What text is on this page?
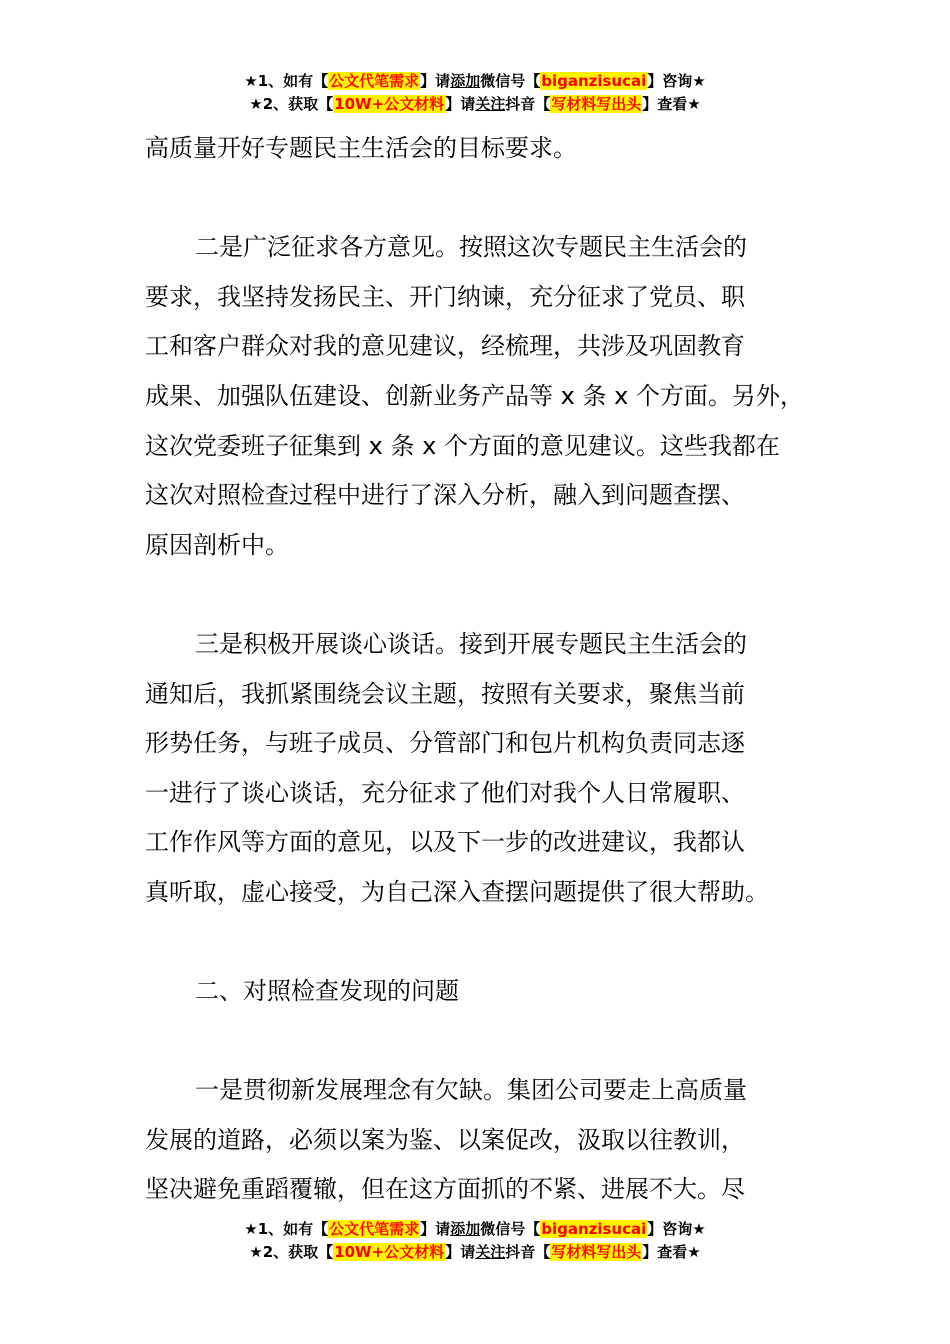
★1、如有【公文代笔需求】请添加微信号【biganzisucai】咨询★
★2、获取【10W+公文材料】请关注抖音【写材料写出头】查看★

高质量开好专题民主生活会的目标要求。

二是广泛征求各方意见。按照这次专题民主生活会的

要求，我坚持发扬民主、开门纳谏，充分征求了党员、职

工和客户群众对我的意见建议，经梳理，共涉及巩固教育

成果、加强队伍建设、创新业务产品等 x 条 x 个方面。另外，

这次党委班子征集到 x 条 x 个方面的意见建议。这些我都在

这次对照检查过程中进行了深入分析，融入到问题查摆、

原因剖析中。

三是积极开展谈心谈话。接到开展专题民主生活会的

通知后，我抓紧围绕会议主题，按照有关要求，聚焦当前

形势任务，与班子成员、分管部门和包片机构负责同志逐

一进行了谈心谈话，充分征求了他们对我个人日常履职、

工作作风等方面的意见，以及下一步的改进建议，我都认

真听取，虚心接受，为自己深入查摆问题提供了很大帮助。

二、对照检查发现的问题

一是贯彻新发展理念有欠缺。集团公司要走上高质量

发展的道路，必须以案为鉴、以案促改，汲取以往教训，

坚决避免重蹈覆辙，但在这方面抓的不紧、进展不大。尽

★1、如有【公文代笔需求】请添加微信号【biganzisucai】咨询★
★2、获取【10W+公文材料】请关注抖音【写材料写出头】查看★
